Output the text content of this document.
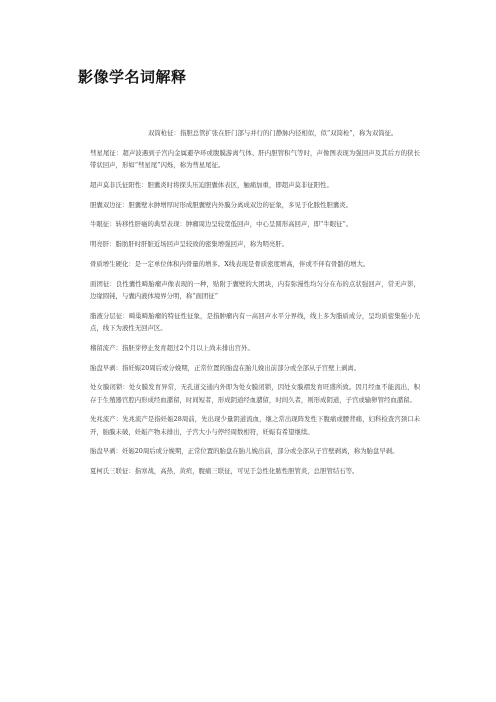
影像学名词解释

双筒枪征：指胆总管扩张在肝门部与并行的门静脉内径相似，似“双筒枪”，称为双筒征。

彗星尾征：超声波遇到子宫内金属避孕环或腹膜游离气体、肝内胆管积气等时，声像图表现为强回声及其后方的狭长带状回声，形如“彗星尾”闪烁，称为彗星尾征。

超声莫非氏征阳性：胆囊炎时将探头压迫胆囊体表区，触痛加重，即超声莫非征阳性。

胆囊双边征：胆囊壁水肿增厚时形成胆囊壁内外膜分离成双边的征象，多见于化脓性胆囊炎。

牛眼征：转移性肝癌的典型表现：肿瘤周边呈较宽低回声，中心呈圆形高回声，即“牛眼征”。

明亮肝：脂肪肝时肝脏近场回声呈较致的密集增强回声，称为明亮肝。

骨质增生硬化：是一定单位体积内骨量的增多。X线表现是骨质密度增高，伴或不伴有骨骼的增大。

面团征：良性囊性畸胎瘤声像表现的一种，贴附于囊壁的大团块，内有弥漫性均匀分在布的点状强回声，常无声影，边缘圆钝，与囊内液体境界分明，称“面团征”

脂液分层征：畸巢畸胎瘤的特征性征象，是指肿瘤内有一高回声水平分界线，线上多为脂质成分，呈均质密集强小光点，线下为液性无回声区。

稽留流产：指胚芽停止发育超过2个月以上尚未排出宫外。

胎盘早剥：指妊娠20周后或分娩期，正常位置的胎盘在胎儿娩出前部分或全部从子宫壁上剥离。

处女膜闭锁：处女膜发育异常，无孔道交通内外即为处女膜闭锁，因处女膜褶发育旺盛所致。因月经血不能流出，积存于生殖器官腔内形成经血潴留，时间短者，形成阴道经血潴留，时间久者，则形成阴道，子宫或输卵管经血潴留。

先兆流产：先兆流产是指妊娠28周前，先出现少量阴道流血，继之常出现阵发性下腹痛或腰背痛，妇科检查宫颈口未开，胎膜未破，妊娠产物未排出，子宫大小与停经周数相符，妊娠有希望继续。

胎盘早剥：妊娠20周后或分娩期，正常位置的胎盘在胎儿娩出前，部分或全部从子宫壁剥离，称为胎盘早剥。

夏柯氏三联征：指寒战，高热，黄疸，腹痛三联征，可见于急性化脓性胆管炎，总胆管结石等。
